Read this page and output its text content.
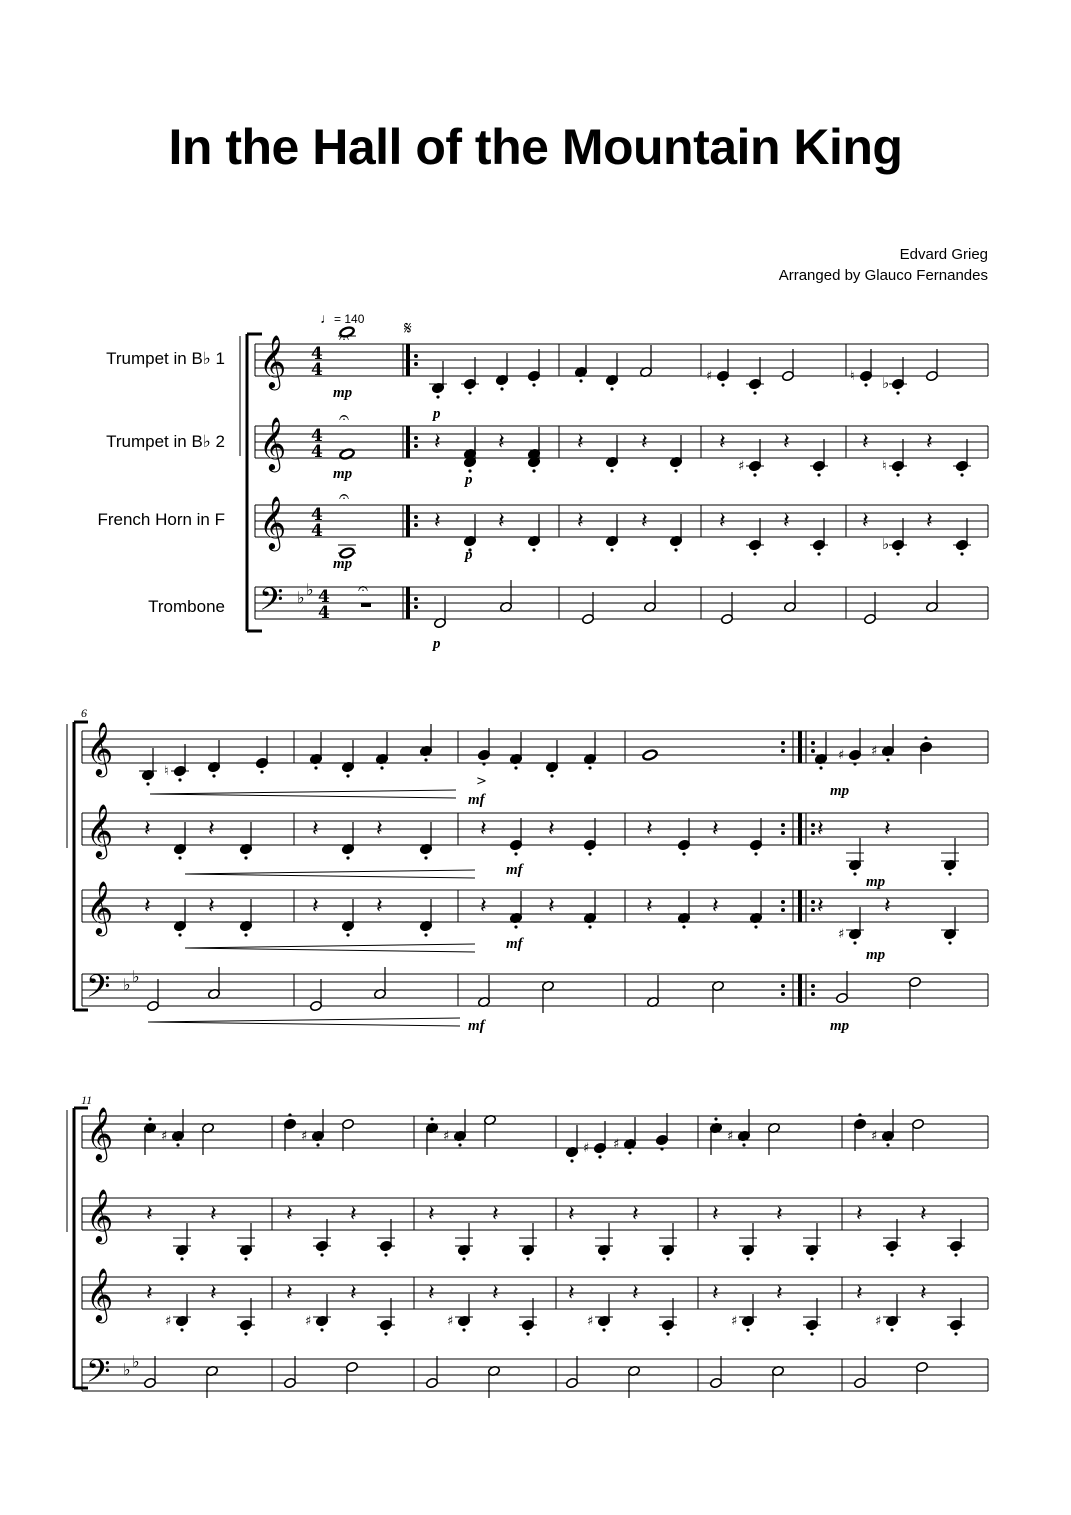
In the Hall of the Mountain King
Edvard Grieg
Arranged by Glauco Fernandes
Trumpet in B♭ 1
Trumpet in B♭ 2
French Horn in F
Trombone
𝄞
𝄞
𝄞
𝄢 ♭ ♭
4
4
4
4
4
4
4
4
𝄞
𝄞
𝄞
𝄢 ♭ ♭
𝄞
𝄞
𝄞
𝄢 ♭ ♭
𝄐
𝄐
𝄐
𝄐
♯	♮ ♭
𝄽	𝄽	𝄽	𝄽	𝄽	𝄽
♯
𝄽	𝄽
♮
𝄽	𝄽	𝄽	𝄽	𝄽	𝄽	𝄽	𝄽
♭
♮
♯ ♯
>
𝄽	𝄽	𝄽	𝄽	𝄽	𝄽	𝄽	𝄽	𝄽	𝄽
𝄽	𝄽	𝄽	𝄽	𝄽	𝄽	𝄽	𝄽	𝄽	𝄽
♯
♯	♯	♯
♯ ♯
♯	♯
𝄽	𝄽
𝄽	𝄽
♯
𝄽	𝄽
𝄽	𝄽
♯
𝄽	𝄽
𝄽	𝄽
♯
𝄽	𝄽
𝄽	𝄽
♯
𝄽	𝄽
𝄽	𝄽
♯
𝄽	𝄽
𝄽	𝄽
♯
♩= 140 𝄋
6
11
mp
mp
mp
p
p
p
p
mf
mp
mf
mp
mf
mp
mf	mp
